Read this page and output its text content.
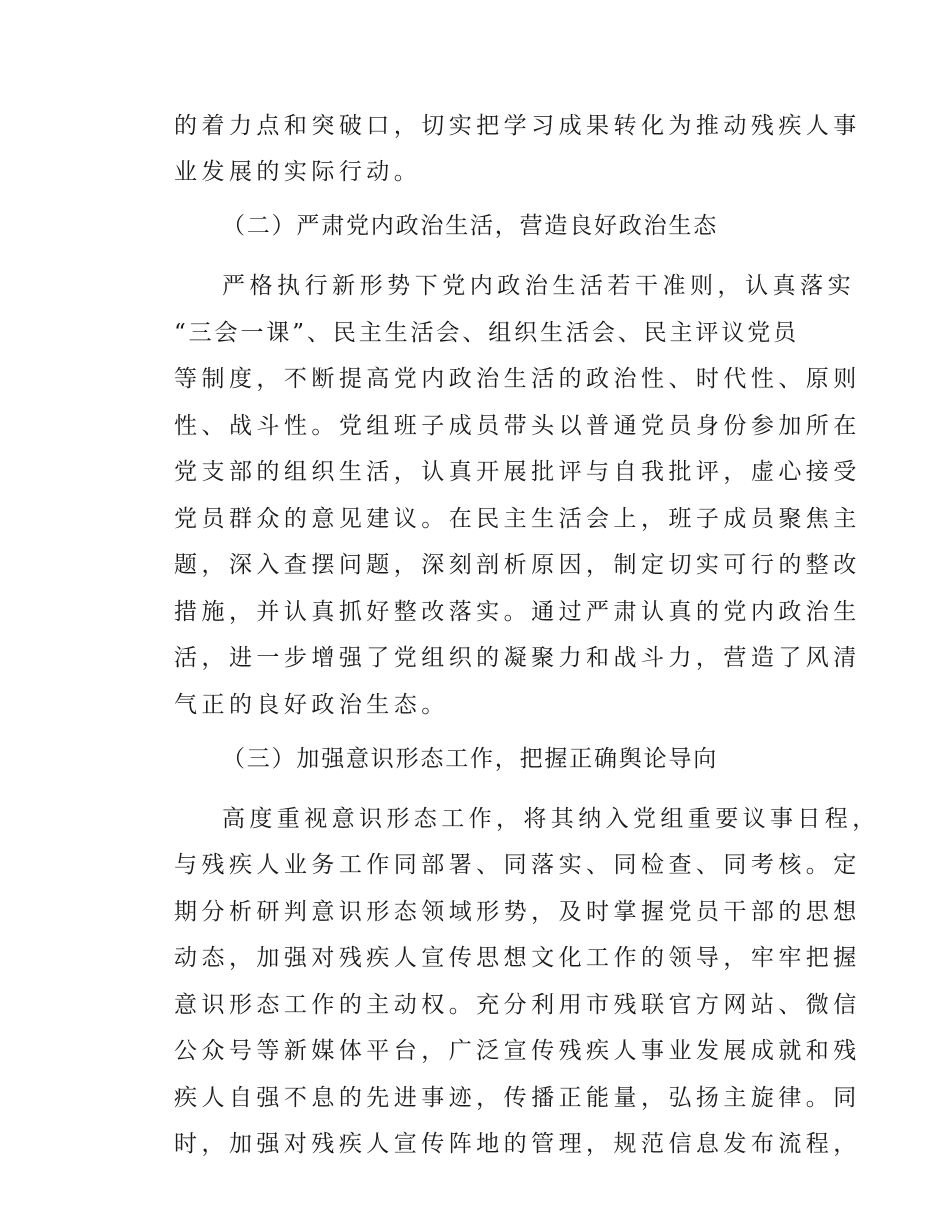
的着力点和突破口，切实把学习成果转化为推动残疾人事
业发展的实际行动。
（二）严肃党内政治生活，营造良好政治生态
严格执行新形势下党内政治生活若干准则，认真落实
“三会一课”、民主生活会、组织生活会、民主评议党员
等制度，不断提高党内政治生活的政治性、时代性、原则
性、战斗性。党组班子成员带头以普通党员身份参加所在
党支部的组织生活，认真开展批评与自我批评，虚心接受
党员群众的意见建议。在民主生活会上，班子成员聚焦主
题，深入查摆问题，深刻剖析原因，制定切实可行的整改
措施，并认真抓好整改落实。通过严肃认真的党内政治生
活，进一步增强了党组织的凝聚力和战斗力，营造了风清
气正的良好政治生态。
（三）加强意识形态工作，把握正确舆论导向
高度重视意识形态工作，将其纳入党组重要议事日程，
与残疾人业务工作同部署、同落实、同检查、同考核。定
期分析研判意识形态领域形势，及时掌握党员干部的思想
动态，加强对残疾人宣传思想文化工作的领导，牢牢把握
意识形态工作的主动权。充分利用市残联官方网站、微信
公众号等新媒体平台，广泛宣传残疾人事业发展成就和残
疾人自强不息的先进事迹，传播正能量，弘扬主旋律。同
时，加强对残疾人宣传阵地的管理，规范信息发布流程，
